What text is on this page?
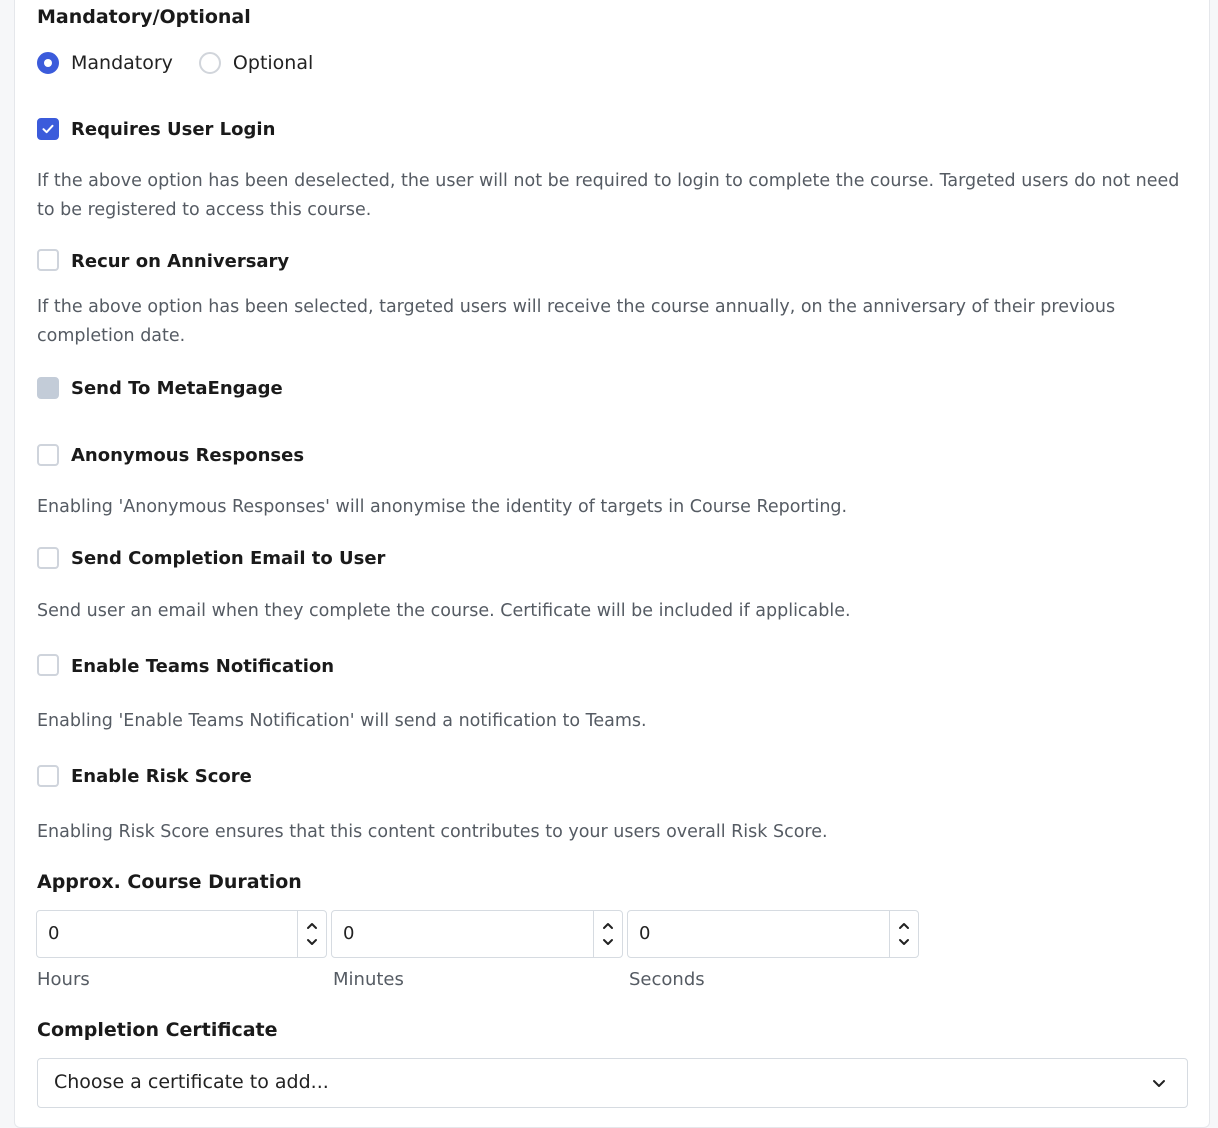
Mandatory/Optional
Mandatory	Optional
Requires User Login
If the above option has been deselected, the user will not be required to login to complete the course. Targeted users do not need to be registered to access this course.
Recur on Anniversary
If the above option has been selected, targeted users will receive the course annually, on the anniversary of their previous completion date.
Send To MetaEngage
Anonymous Responses
Enabling 'Anonymous Responses' will anonymise the identity of targets in Course Reporting.
Send Completion Email to User
Send user an email when they complete the course. Certificate will be included if applicable.
Enable Teams Notification
Enabling 'Enable Teams Notification' will send a notification to Teams.
Enable Risk Score
Enabling Risk Score ensures that this content contributes to your users overall Risk Score.
Approx. Course Duration
0	0	0
Hours	Minutes	Seconds
Completion Certificate
Choose a certificate to add...
